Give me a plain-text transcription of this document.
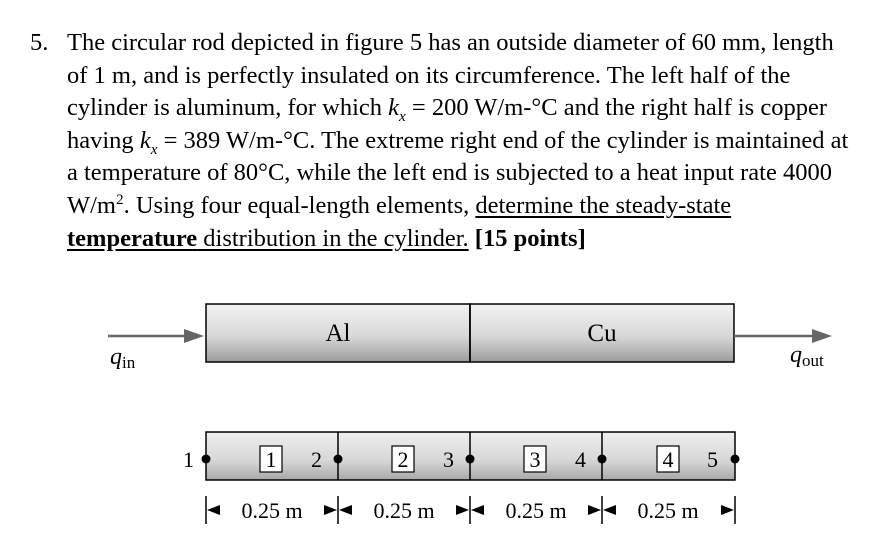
5. The circular rod depicted in figure 5 has an outside diameter of 60 mm, length of 1 m, and is perfectly insulated on its circumference. The left half of the cylinder is aluminum, for which $k_x = 200$ W/m-°C and the right half is copper having $k_x = 389$ W/m-°C. The extreme right end of the cylinder is maintained at a temperature of 80°C, while the left end is subjected to a heat input rate 4000 $W/m^2$. Using four equal-length elements, determine the steady-state temperature distribution in the cylinder. [15 points]
qin
Al	Cu
qout
1	2	3	4	5
1	2	3	4
0.25 m	0.25 m	0.25 m	0.25 m
